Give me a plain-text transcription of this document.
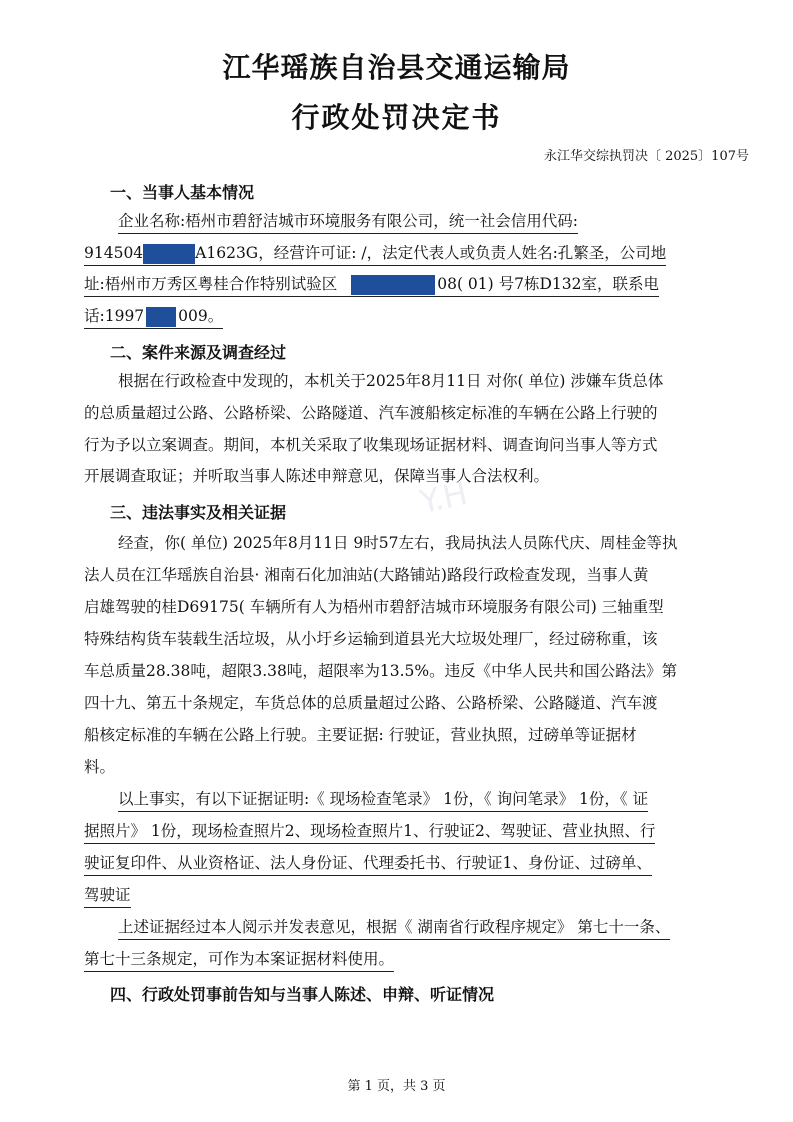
江华瑶族自治县交通运输局
行政处罚决定书
永江华交综执罚决〔 2025〕107号
一、当事人基本情况
企业名称:梧州市碧舒洁城市环境服务有限公司，统一社会信用代码:
914504	A1623G，经营许可证: /，法定代表人或负责人姓名:孔繁圣，公司地
址:梧州市万秀区粤桂合作特别试验区	08( 01) 号7栋D132室，联系电
话:1997 009。
二、案件来源及调查经过
根据在行政检查中发现的，本机关于2025年8月11日 对你( 单位) 涉嫌车货总体
的总质量超过公路、公路桥梁、公路隧道、汽车渡船核定标准的车辆在公路上行驶的
行为予以立案调查。期间，本机关采取了收集现场证据材料、调查询问当事人等方式
开展调查取证；并听取当事人陈述申辩意见，保障当事人合法权利。
Y.H
三、违法事实及相关证据
经查，你( 单位) 2025年8月11日 9时57左右，我局执法人员陈代庆、周桂金等执
法人员在江华瑶族自治县· 湘南石化加油站(大路铺站)路段行政检查发现，当事人黄
启雄驾驶的桂D69175( 车辆所有人为梧州市碧舒洁城市环境服务有限公司) 三轴重型
特殊结构货车装载生活垃圾，从小圩乡运输到道县光大垃圾处理厂，经过磅称重，该
车总质量28.38吨，超限3.38吨，超限率为13.5%。违反《中华人民共和国公路法》第
四十九、第五十条规定，车货总体的总质量超过公路、公路桥梁、公路隧道、汽车渡
船核定标准的车辆在公路上行驶。主要证据: 行驶证，营业执照，过磅单等证据材
料。
以上事实，有以下证据证明:《 现场检查笔录》 1份，《 询问笔录》 1份，《 证
据照片》 1份，现场检查照片2、现场检查照片1、行驶证2、驾驶证、营业执照、行
驶证复印件、从业资格证、法人身份证、代理委托书、行驶证1、身份证、过磅单、
驾驶证
上述证据经过本人阅示并发表意见，根据《 湖南省行政程序规定》 第七十一条、
第七十三条规定，可作为本案证据材料使用。
四、行政处罚事前告知与当事人陈述、申辩、听证情况
第 1 页，共 3 页
